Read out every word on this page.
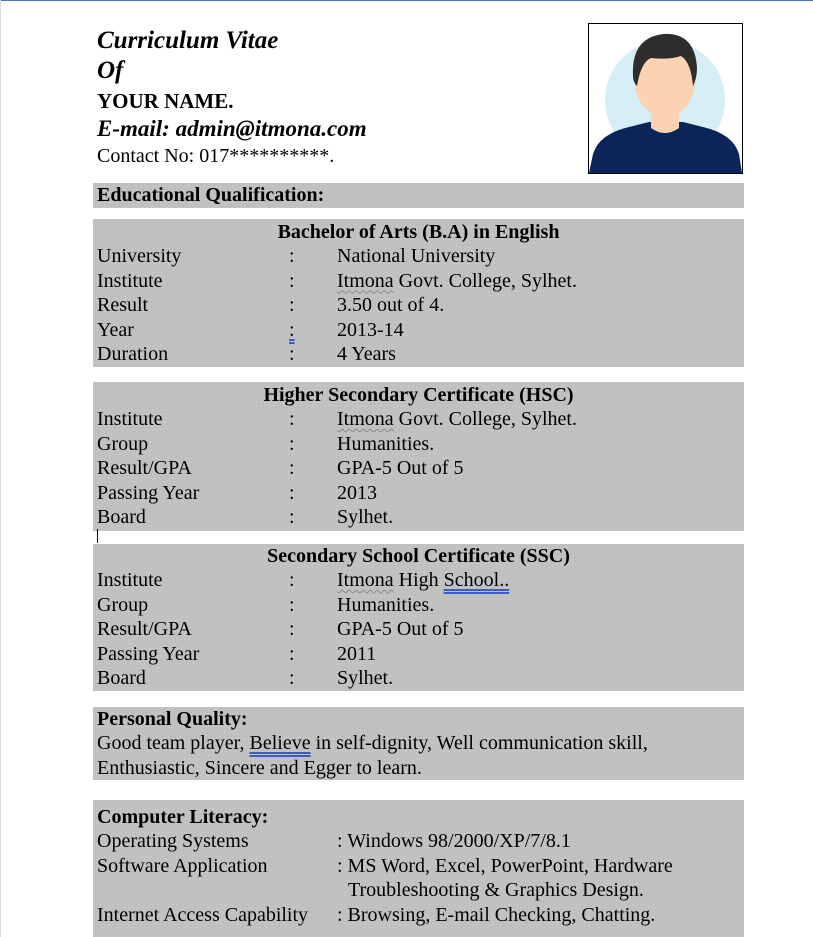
Curriculum Vitae
Of
YOUR NAME.
E-mail: admin@itmona.com
Contact No: 017**********.
Educational Qualification:
Bachelor of Arts (B.A) in English
University	: National University
Institute	: Itmona Govt. College, Sylhet.
Result	: 3.50 out of 4.
Year	: 2013-14
Duration	: 4 Years
Higher Secondary Certificate (HSC)
Institute	: Itmona Govt. College, Sylhet.
Group	: Humanities.
Result/GPA	: GPA-5 Out of 5
Passing Year	: 2013
Board	: Sylhet.
Secondary School Certificate (SSC)
Institute	: Itmona High School..
Group	: Humanities.
Result/GPA	: GPA-5 Out of 5
Passing Year	: 2011
Board	: Sylhet.
Personal Quality:
Good team player, Believe in self-dignity, Well communication skill,
Enthusiastic, Sincere and Egger to learn.
Computer Literacy:
Operating Systems	: Windows 98/2000/XP/7/8.1
Software Application	: MS Word, Excel, PowerPoint, Hardware
Troubleshooting & Graphics Design.
Internet Access Capability : Browsing, E-mail Checking, Chatting.
